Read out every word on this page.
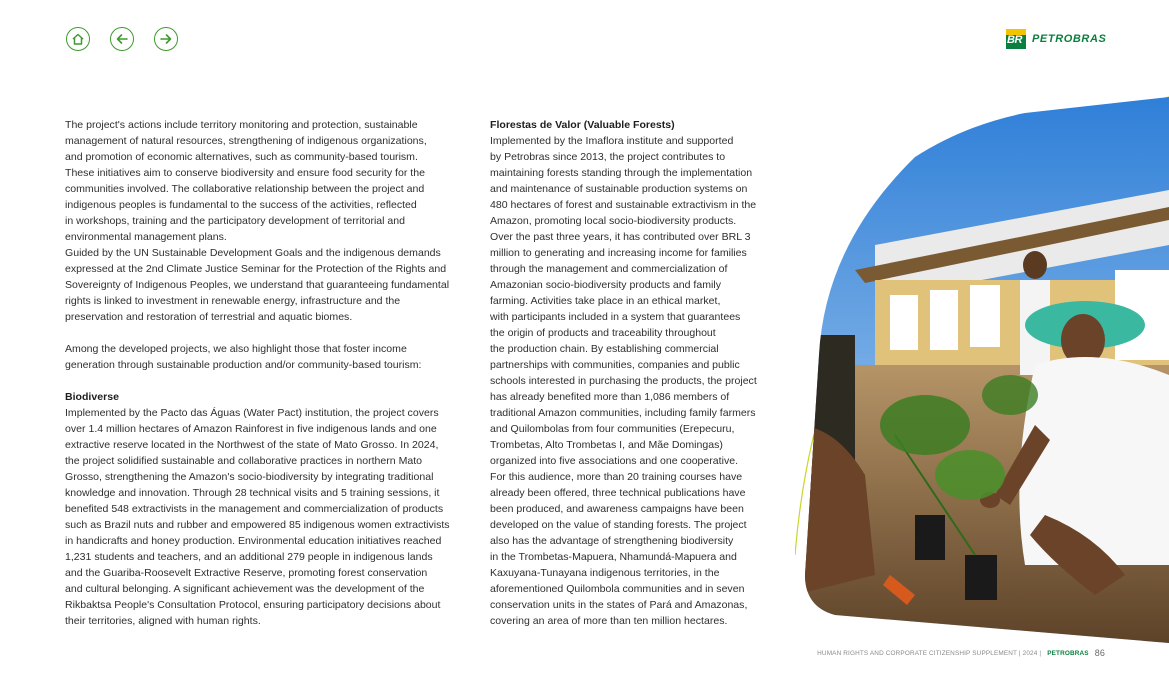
BR PETROBRAS

The project's actions include territory monitoring and protection, sustainable

management of natural resources, strengthening of indigenous organizations,

and promotion of economic alternatives, such as community-based tourism.

These initiatives aim to conserve biodiversity and ensure food security for the

communities involved. The collaborative relationship between the project and

indigenous peoples is fundamental to the success of the activities, reflected

in workshops, training and the participatory development of territorial and

environmental management plans.

Guided by the UN Sustainable Development Goals and the indigenous demands

expressed at the 2nd Climate Justice Seminar for the Protection of the Rights and

Sovereignty of Indigenous Peoples, we understand that guaranteeing fundamental

rights is linked to investment in renewable energy, infrastructure and the

preservation and restoration of terrestrial and aquatic biomes.

Among the developed projects, we also highlight those that foster income

generation through sustainable production and/or community-based tourism:

Biodiverse

Implemented by the Pacto das Águas (Water Pact) institution, the project covers

over 1.4 million hectares of Amazon Rainforest in five indigenous lands and one

extractive reserve located in the Northwest of the state of Mato Grosso. In 2024,

the project solidified sustainable and collaborative practices in northern Mato

Grosso, strengthening the Amazon's socio-biodiversity by integrating traditional

knowledge and innovation. Through 28 technical visits and 5 training sessions, it

benefited 548 extractivists in the management and commercialization of products

such as Brazil nuts and rubber and empowered 85 indigenous women extractivists

in handicrafts and honey production. Environmental education initiatives reached

1,231 students and teachers, and an additional 279 people in indigenous lands

and the Guariba-Roosevelt Extractive Reserve, promoting forest conservation

and cultural belonging. A significant achievement was the development of the

Rikbaktsa People's Consultation Protocol, ensuring participatory decisions about

their territories, aligned with human rights.

Florestas de Valor (Valuable Forests)

Implemented by the Imaflora institute and supported

by Petrobras since 2013, the project contributes to

maintaining forests standing through the implementation

and maintenance of sustainable production systems on

480 hectares of forest and sustainable extractivism in the

Amazon, promoting local socio-biodiversity products.

Over the past three years, it has contributed over BRL 3

million to generating and increasing income for families

through the management and commercialization of

Amazonian socio-biodiversity products and family

farming. Activities take place in an ethical market,

with participants included in a system that guarantees

the origin of products and traceability throughout

the production chain. By establishing commercial

partnerships with communities, companies and public

schools interested in purchasing the products, the project

has already benefited more than 1,086 members of

traditional Amazon communities, including family farmers

and Quilombolas from four communities (Erepecuru,

Trombetas, Alto Trombetas I, and Mãe Domingas)

organized into five associations and one cooperative.

For this audience, more than 20 training courses have

already been offered, three technical publications have

been produced, and awareness campaigns have been

developed on the value of standing forests. The project

also has the advantage of strengthening biodiversity

in the Trombetas-Mapuera, Nhamundá-Mapuera and

Kaxuyana-Tunayana indigenous territories, in the

aforementioned Quilombola communities and in seven

conservation units in the states of Pará and Amazonas,

covering an area of more than ten million hectares.

HUMAN RIGHTS AND CORPORATE CITIZENSHIP SUPPLEMENT | 2024 | PETROBRAS 86
